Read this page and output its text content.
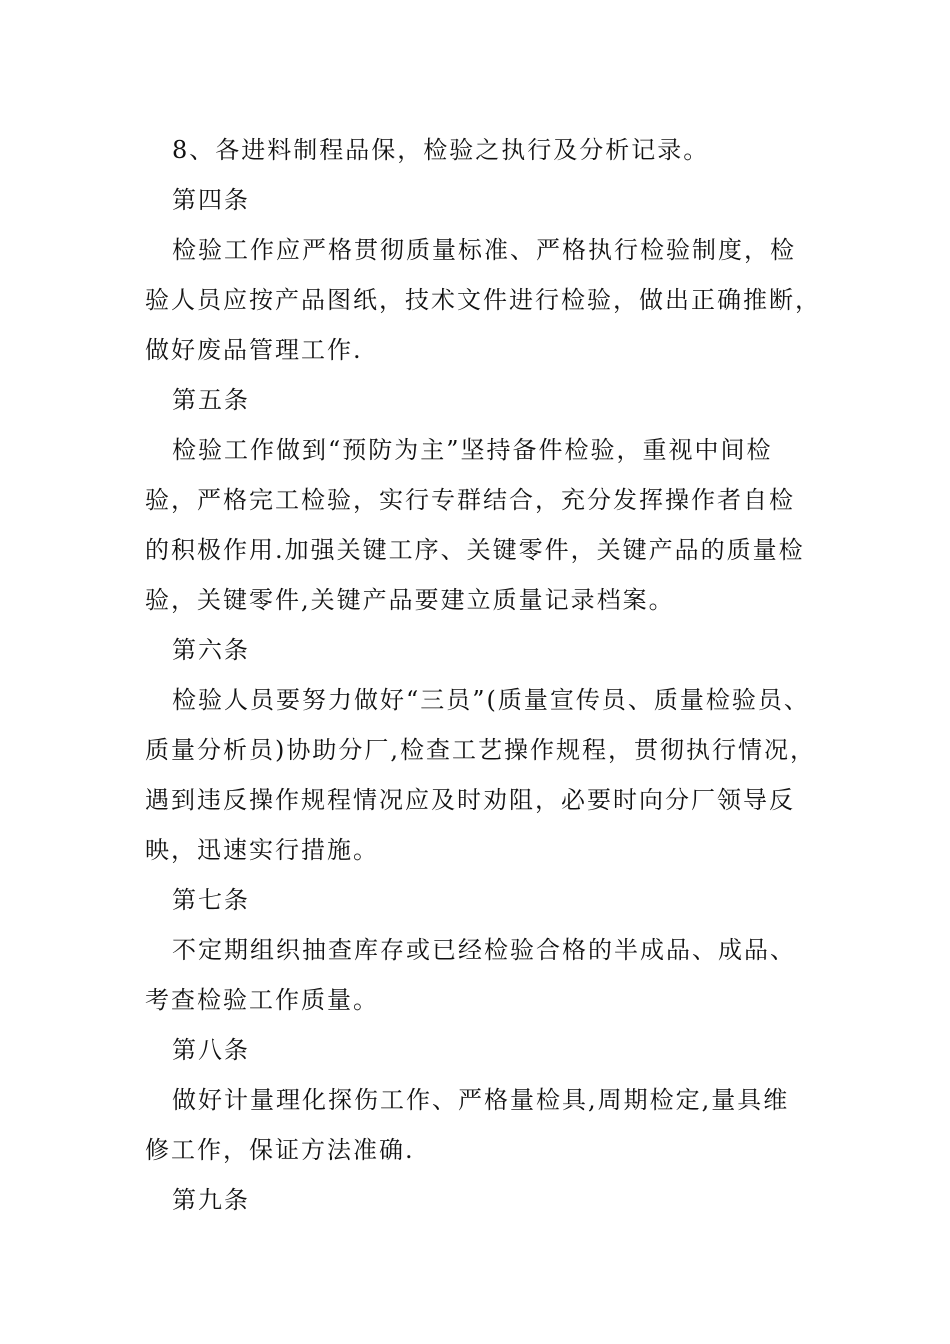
8、各进料制程品保，检验之执行及分析记录。
第四条
检验工作应严格贯彻质量标准、严格执行检验制度，检
验人员应按产品图纸，技术文件进行检验，做出正确推断，
做好废品管理工作.
第五条
检验工作做到“预防为主”坚持备件检验，重视中间检
验，严格完工检验，实行专群结合，充分发挥操作者自检
的积极作用.加强关键工序、关键零件，关键产品的质量检
验，关键零件,关键产品要建立质量记录档案。
第六条
检验人员要努力做好“三员”(质量宣传员、质量检验员、
质量分析员)协助分厂,检查工艺操作规程，贯彻执行情况，
遇到违反操作规程情况应及时劝阻，必要时向分厂领导反
映，迅速实行措施。
第七条
不定期组织抽查库存或已经检验合格的半成品、成品、
考查检验工作质量。
第八条
做好计量理化探伤工作、严格量检具,周期检定,量具维
修工作，保证方法准确.
第九条
